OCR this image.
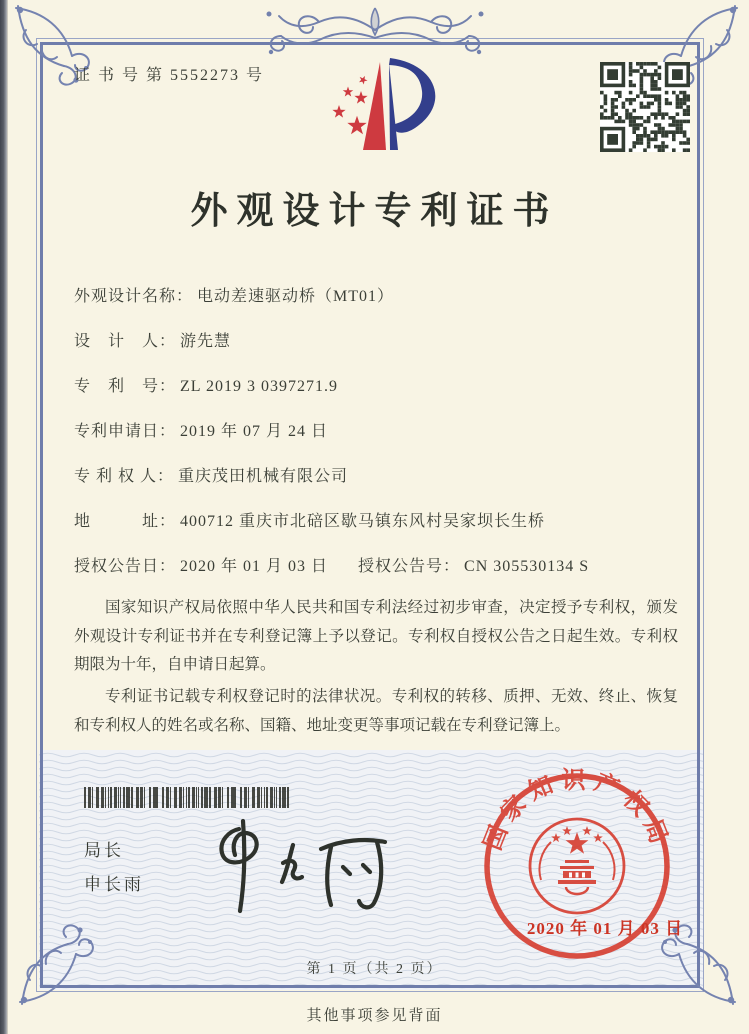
证 书 号 第 5552273 号
外观设计专利证书
外观设计名称： 电动差速驱动桥（MT01）
设　计　人： 游先慧
专　利　号： ZL 2019 3 0397271.9
专利申请日： 2019 年 07 月 24 日
专 利 权 人： 重庆茂田机械有限公司
地　　　址： 400712 重庆市北碚区歇马镇东风村吴家坝长生桥
授权公告日： 2020 年 01 月 03 日 授权公告号： CN 305530134 S

国家知识产权局依照中华人民共和国专利法经过初步审查，决定授予专利权，颁发外观设计专利证书并在专利登记簿上予以登记。专利权自授权公告之日起生效。专利权期限为十年，自申请日起算。

专利证书记载专利权登记时的法律状况。专利权的转移、质押、无效、终止、恢复和专利权人的姓名或名称、国籍、地址变更等事项记载在专利登记簿上。

局长
申长雨
国家知识产权局
2020 年 01 月 03 日
第 1 页（共 2 页）
其他事项参见背面
